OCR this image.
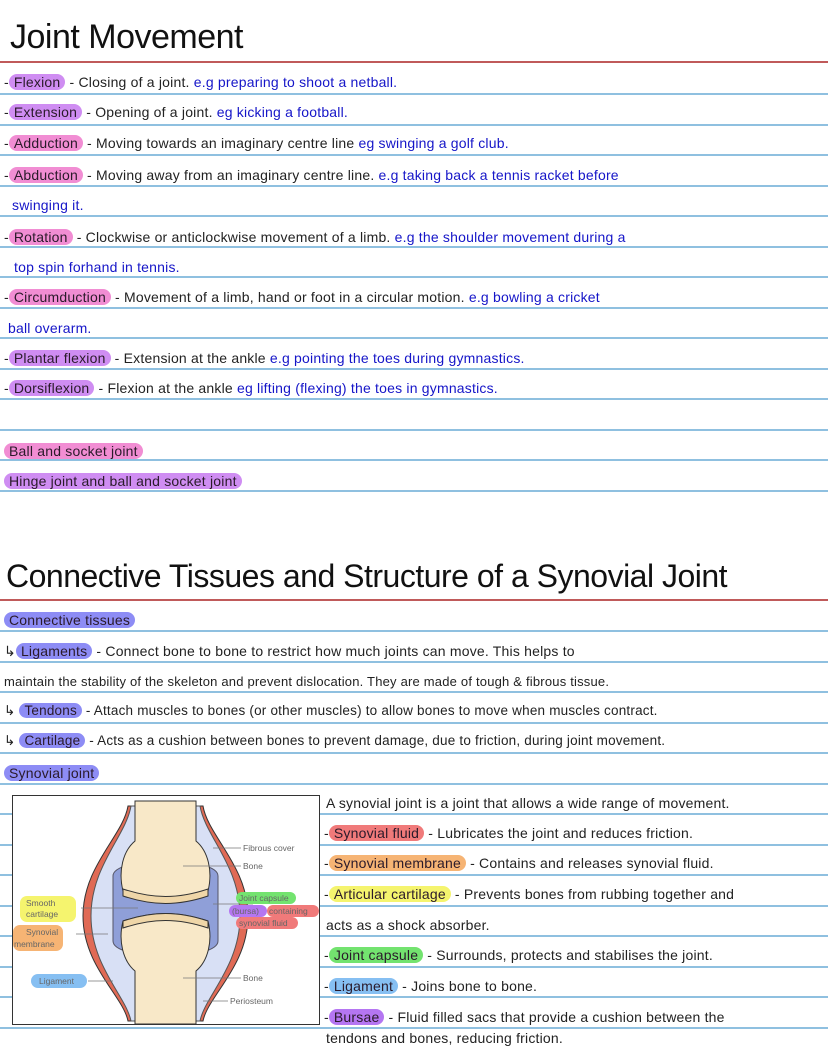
Joint Movement
- Flexion - Closing of a joint. e.g preparing to shoot a netball.
- Extension - Opening of a joint. eg kicking a football.
- Adduction - Moving towards an imaginary centre line eg swinging a golf club.
- Abduction - Moving away from an imaginary centre line. e.g taking back a tennis racket before
swinging it.
- Rotation - Clockwise or anticlockwise movement of a limb. e.g the shoulder movement during a
top spin forhand in tennis.
- Circumduction - Movement of a limb, hand or foot in a circular motion. e.g bowling a cricket
ball overarm.
- Plantar flexion - Extension at the ankle e.g pointing the toes during gymnastics.
- Dorsiflexion - Flexion at the ankle eg lifting (flexing) the toes in gymnastics.
Ball and socket joint
Hinge joint and ball and socket joint
Connective Tissues and Structure of a Synovial Joint
Connective tissues
↳ Ligaments - Connect bone to bone to restrict how much joints can move. This helps to
maintain the stability of the skeleton and prevent dislocation. They are made of tough & fibrous tissue.
↳ Tendons - Attach muscles to bones (or other muscles) to allow bones to move when muscles contract.
↳ Cartilage - Acts as a cushion between bones to prevent damage, due to friction, during joint movement.
Synovial joint
A synovial joint is a joint that allows a wide range of movement.
- Synovial fluid - Lubricates the joint and reduces friction.
- Synovial membrane - Contains and releases synovial fluid.
- Articular cartilage - Prevents bones from rubbing together and
acts as a shock absorber.
- Joint capsule - Surrounds, protects and stabilises the joint.
- Ligament - Joins bone to bone.
- Bursae - Fluid filled sacs that provide a cushion between the
tendons and bones, reducing friction.
Fibrous cover
Bone
Smooth
cartilage
Synovial
membrane
Joint capsule
(bursa) containing
synovial fluid
Ligament	Bone
Periosteum
